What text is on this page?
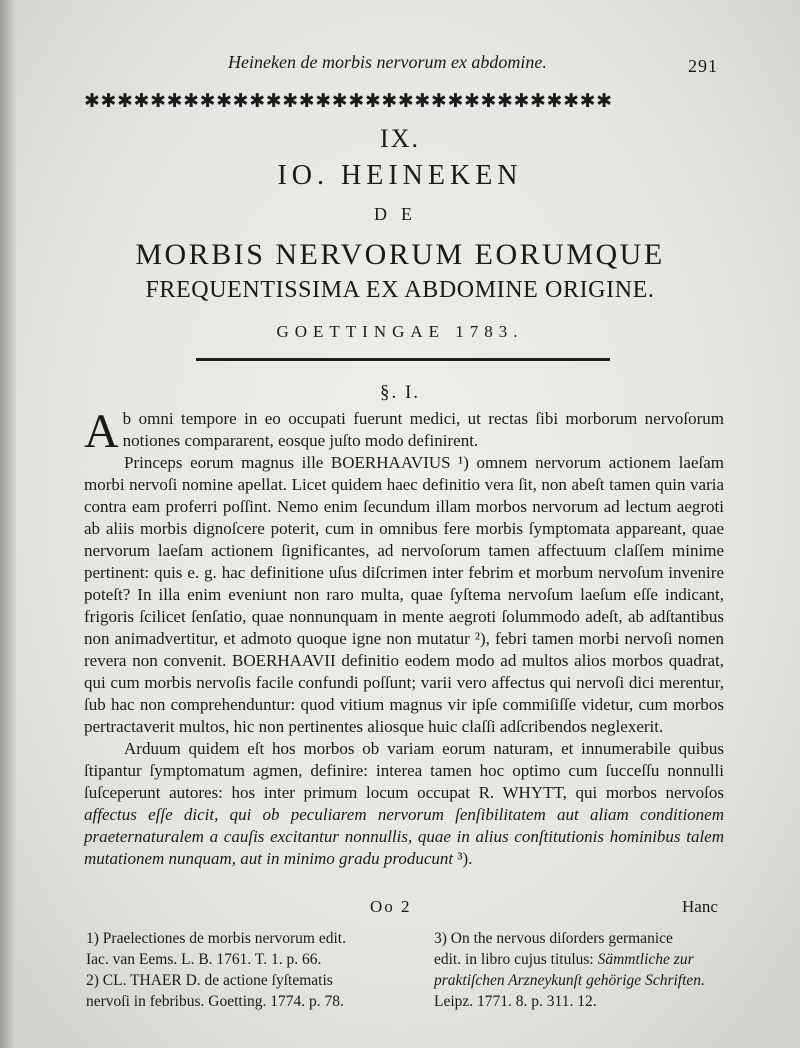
Heineken de morbis nervorum ex abdomine.	291
✱✱✱✱✱✱✱✱✱✱✱✱✱✱✱✱✱✱✱✱✱✱✱✱✱✱✱✱✱✱✱✱
IX.
IO. HEINEKEN
DE
MORBIS NERVORUM EORUMQUE
FREQUENTISSIMA EX ABDOMINE ORIGINE.
GOETTINGAE 1783.
§. I.

Ab omni tempore in eo occupati fuerunt medici, ut rectas ſibi morborum nervoſorum notiones compararent, eosque juſto modo definirent.

Princeps eorum magnus ille BOERHAAVIUS ¹) omnem nervorum actionem laeſam morbi nervoſi nomine apellat. Licet quidem haec definitio vera ſit, non abeſt tamen quin varia contra eam proferri poſſint. Nemo enim ſecundum illam morbos nervorum ad lectum aegroti ab aliis morbis dignoſcere poterit, cum in omnibus fere morbis ſymptomata appareant, quae nervorum laeſam actionem ſignificantes, ad nervoſorum tamen affectuum claſſem minime pertinent: quis e. g. hac definitione uſus diſcrimen inter febrim et morbum nervoſum invenire poteſt? In illa enim eveniunt non raro multa, quae ſyſtema nervoſum laeſum eſſe indicant, frigoris ſcilicet ſenſatio, quae nonnunquam in mente aegroti ſolummodo adeſt, ab adſtantibus non animadvertitur, et admoto quoque igne non mutatur ²), febri tamen morbi nervoſi nomen revera non convenit. BOERHAAVII definitio eodem modo ad multos alios morbos quadrat, qui cum morbis nervoſis facile confundi poſſunt; varii vero affectus qui nervoſi dici merentur, ſub hac non comprehenduntur: quod vitium magnus vir ipſe commiſiſſe videtur, cum morbos pertractaverit multos, hic non pertinentes aliosque huic claſſi adſcribendos neglexerit.

Arduum quidem eſt hos morbos ob variam eorum naturam, et innumerabile quibus ſtipantur ſymptomatum agmen, definire: interea tamen hoc optimo cum ſucceſſu nonnulli ſuſceperunt autores: hos inter primum locum occupat R. WHYTT, qui morbos nervoſos affectus eſſe dicit, qui ob peculiarem nervorum ſenſibilitatem aut aliam conditionem praeternaturalem a cauſis excitantur nonnullis, quae in alius conſtitutionis hominibus talem mutationem nunquam, aut in minimo gradu producunt ³).

Oo 2	Hanc
1) Praelectiones de morbis nervorum edit.
Iac. van Eems. L. B. 1761. T. 1. p. 66.
2) CL. THAER D. de actione ſyſtematis
nervoſi in febribus. Goetting. 1774. p. 78.
3) On the nervous diſorders germanice
edit. in libro cujus titulus: Sämmtliche zur
praktiſchen Arzneykunſt gehörige Schriften.
Leipz. 1771. 8. p. 311. 12.
